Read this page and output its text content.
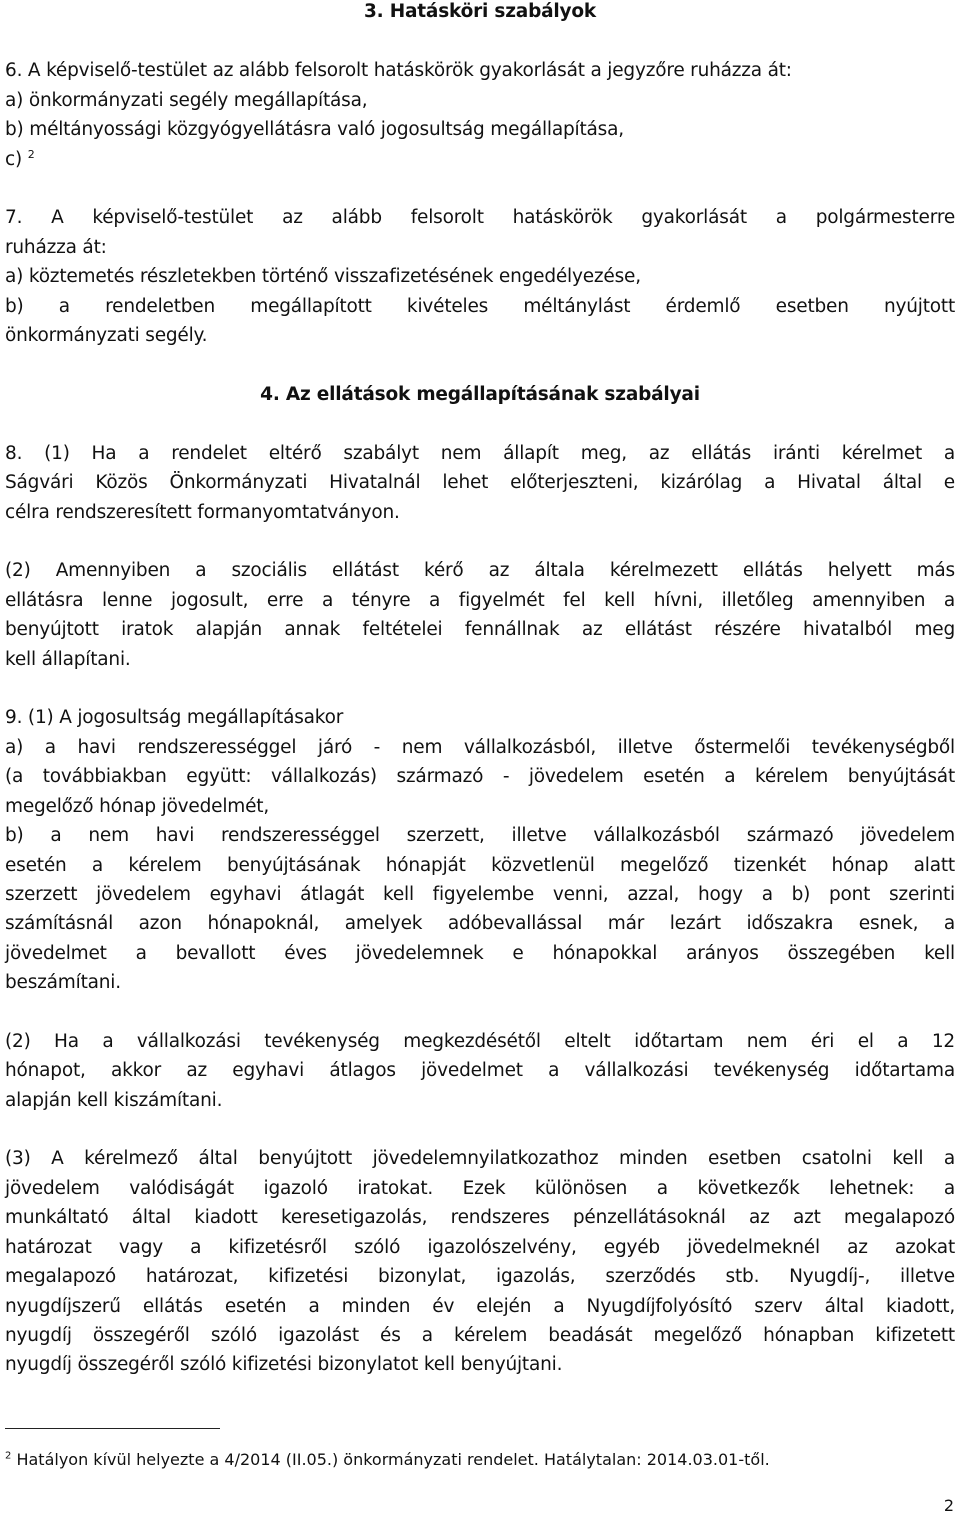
3. Hatásköri szabályok
6. A képviselő-testület az alább felsorolt hatáskörök gyakorlását a jegyzőre ruházza át:
a) önkormányzati segély megállapítása,
b) méltányossági közgyógyellátásra való jogosultság megállapítása,
c) $^2$
7. A képviselő-testület az alább felsorolt hatáskörök gyakorlását a polgármesterre
ruházza át:
a) köztemetés részletekben történő visszafizetésének engedélyezése,
b) a rendeletben megállapított kivételes méltánylást érdemlő esetben nyújtott
önkormányzati segély.
4. Az ellátások megállapításának szabályai
8. (1) Ha a rendelet eltérő szabályt nem állapít meg, az ellátás iránti kérelmet a
Ságvári Közös Önkormányzati Hivatalnál lehet előterjeszteni, kizárólag a Hivatal által e
célra rendszeresített formanyomtatványon.
(2) Amennyiben a szociális ellátást kérő az általa kérelmezett ellátás helyett más
ellátásra lenne jogosult, erre a tényre a figyelmét fel kell hívni, illetőleg amennyiben a
benyújtott iratok alapján annak feltételei fennállnak az ellátást részére hivatalból meg
kell állapítani.
9. (1) A jogosultság megállapításakor
a) a havi rendszerességgel járó - nem vállalkozásból, illetve őstermelői tevékenységből
(a továbbiakban együtt: vállalkozás) származó - jövedelem esetén a kérelem benyújtását
megelőző hónap jövedelmét,
b) a nem havi rendszerességgel szerzett, illetve vállalkozásból származó jövedelem
esetén a kérelem benyújtásának hónapját közvetlenül megelőző tizenkét hónap alatt
szerzett jövedelem egyhavi átlagát kell figyelembe venni, azzal, hogy a b) pont szerinti
számításnál azon hónapoknál, amelyek adóbevallással már lezárt időszakra esnek, a
jövedelmet a bevallott éves jövedelemnek e hónapokkal arányos összegében kell
beszámítani.
(2) Ha a vállalkozási tevékenység megkezdésétől eltelt időtartam nem éri el a 12
hónapot, akkor az egyhavi átlagos jövedelmet a vállalkozási tevékenység időtartama
alapján kell kiszámítani.
(3) A kérelmező által benyújtott jövedelemnyilatkozathoz minden esetben csatolni kell a
jövedelem valódiságát igazoló iratokat. Ezek különösen a következők lehetnek: a
munkáltató által kiadott keresetigazolás, rendszeres pénzellátásoknál az azt megalapozó
határozat vagy a kifizetésről szóló igazolószelvény, egyéb jövedelmeknél az azokat
megalapozó határozat, kifizetési bizonylat, igazolás, szerződés stb. Nyugdíj-, illetve
nyugdíjszerű ellátás esetén a minden év elején a Nyugdíjfolyósító szerv által kiadott,
nyugdíj összegéről szóló igazolást és a kérelem beadását megelőző hónapban kifizetett
nyugdíj összegéről szóló kifizetési bizonylatot kell benyújtani.
$^2$ Hatályon kívül helyezte a 4/2014 (II.05.) önkormányzati rendelet. Hatálytalan: 2014.03.01-től.
2
